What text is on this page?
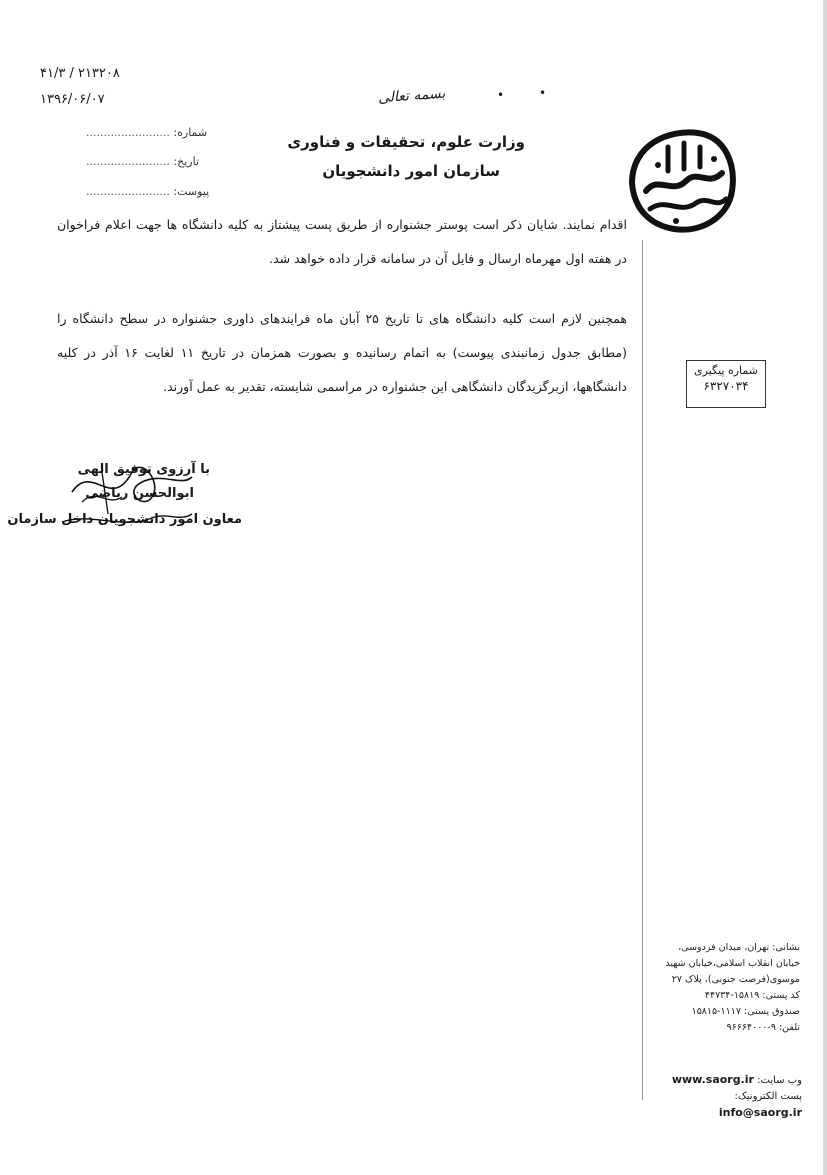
۴۱/۳ / ۲۱۳۲۰۸
۱۳۹۶/۰۶/۰۷	•	•
بسمه تعالی
شماره: ........................
تاریخ: ........................
پیوست: ........................
وزارت علوم، تحقیقات و فناوری
سازمان امور دانشجویان
اقدام نمایند. شایان ذکر است پوستر جشنواره از طریق پست پیشتاز به کلیه دانشگاه ها جهت اعلام فراخوان در هفته اول مهرماه ارسال و فایل آن در سامانه قرار داده خواهد شد.
همچنین لازم است کلیه دانشگاه های تا تاریخ ۲۵ آبان ماه فرایندهای داوری جشنواره در سطح دانشگاه را (مطابق جدول زمانبندی پیوست) به اتمام رسانیده و بصورت همزمان در تاریخ ۱۱ لغایت ۱۶ آذر در کلیه دانشگاهها، ازبرگزیدگان دانشگاهی این جشنواره در مراسمی شایسته، تقدیر به عمل آورند.
شماره پیگیری
۶۳۲۷۰۳۴
با آرزوی توفیق الهی
ابوالحسن ریاضی
معاون امور دانشجویان داخل سازمان
نشانی: تهران، میدان فردوسی،
خیابان انقلاب اسلامی،خیابان شهید
موسوی(فرصت جنوبی)، پلاک ۲۷
کد پستی: ۱۵۸۱۹-۴۴۷۳۴
صندوق پستی: ۱۱۱۷-۱۵۸۱۵
تلفن: ۹-۹۶۶۶۴۰۰۰
وب سایت: www.saorg.ir
پست الکترونیک: info@saorg.ir
